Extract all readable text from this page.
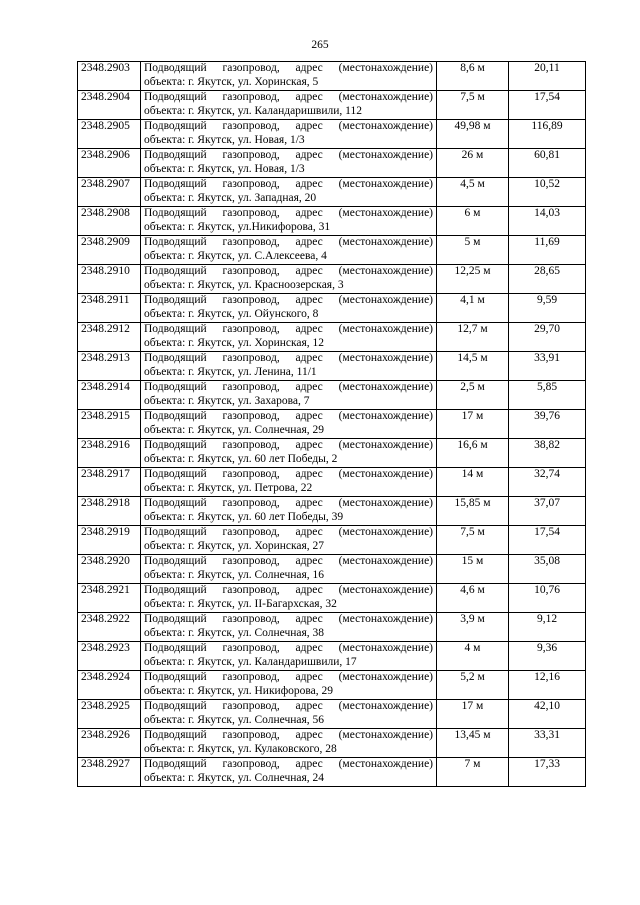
265
2348.2903	Подводящий газопровод, адрес (местонахождение)
объекта: г. Якутск, ул. Хоринская, 5	8,6 м	20,11
2348.2904	Подводящий газопровод, адрес (местонахождение)
объекта: г. Якутск, ул. Каландаришвили, 112	7,5 м	17,54
2348.2905	Подводящий газопровод, адрес (местонахождение)
объекта: г. Якутск, ул. Новая, 1/3	49,98 м	116,89
2348.2906	Подводящий газопровод, адрес (местонахождение)
объекта: г. Якутск, ул. Новая, 1/3	26 м	60,81
2348.2907	Подводящий газопровод, адрес (местонахождение)
объекта: г. Якутск, ул. Западная, 20	4,5 м	10,52
2348.2908	Подводящий газопровод, адрес (местонахождение)
объекта: г. Якутск, ул.Никифорова, 31	6 м	14,03
2348.2909	Подводящий газопровод, адрес (местонахождение)
объекта: г. Якутск, ул. С.Алексеева, 4	5 м	11,69
2348.2910	Подводящий газопровод, адрес (местонахождение)
объекта: г. Якутск, ул. Красноозерская, 3	12,25 м	28,65
2348.2911	Подводящий газопровод, адрес (местонахождение)
объекта: г. Якутск, ул. Ойунского, 8	4,1 м	9,59
2348.2912	Подводящий газопровод, адрес (местонахождение)
объекта: г. Якутск, ул. Хоринская, 12	12,7 м	29,70
2348.2913	Подводящий газопровод, адрес (местонахождение)
объекта: г. Якутск, ул. Ленина, 11/1	14,5 м	33,91
2348.2914	Подводящий газопровод, адрес (местонахождение)
объекта: г. Якутск, ул. Захарова, 7	2,5 м	5,85
2348.2915	Подводящий газопровод, адрес (местонахождение)
объекта: г. Якутск, ул. Солнечная, 29	17 м	39,76
2348.2916	Подводящий газопровод, адрес (местонахождение)
объекта: г. Якутск, ул. 60 лет Победы, 2	16,6 м	38,82
2348.2917	Подводящий газопровод, адрес (местонахождение)
объекта: г. Якутск, ул. Петрова, 22	14 м	32,74
2348.2918	Подводящий газопровод, адрес (местонахождение)
объекта: г. Якутск, ул. 60 лет Победы, 39	15,85 м	37,07
2348.2919	Подводящий газопровод, адрес (местонахождение)
объекта: г. Якутск, ул. Хоринская, 27	7,5 м	17,54
2348.2920	Подводящий газопровод, адрес (местонахождение)
объекта: г. Якутск, ул. Солнечная, 16	15 м	35,08
2348.2921	Подводящий газопровод, адрес (местонахождение)
объекта: г. Якутск, ул. II-Багархская, 32	4,6 м	10,76
2348.2922	Подводящий газопровод, адрес (местонахождение)
объекта: г. Якутск, ул. Солнечная, 38	3,9 м	9,12
2348.2923	Подводящий газопровод, адрес (местонахождение)
объекта: г. Якутск, ул. Каландаришвили, 17	4 м	9,36
2348.2924	Подводящий газопровод, адрес (местонахождение)
объекта: г. Якутск, ул. Никифорова, 29	5,2 м	12,16
2348.2925	Подводящий газопровод, адрес (местонахождение)
объекта: г. Якутск, ул. Солнечная, 56	17 м	42,10
2348.2926	Подводящий газопровод, адрес (местонахождение)
объекта: г. Якутск, ул. Кулаковского, 28	13,45 м	33,31
2348.2927	Подводящий газопровод, адрес (местонахождение)
объекта: г. Якутск, ул. Солнечная, 24	7 м	17,33
